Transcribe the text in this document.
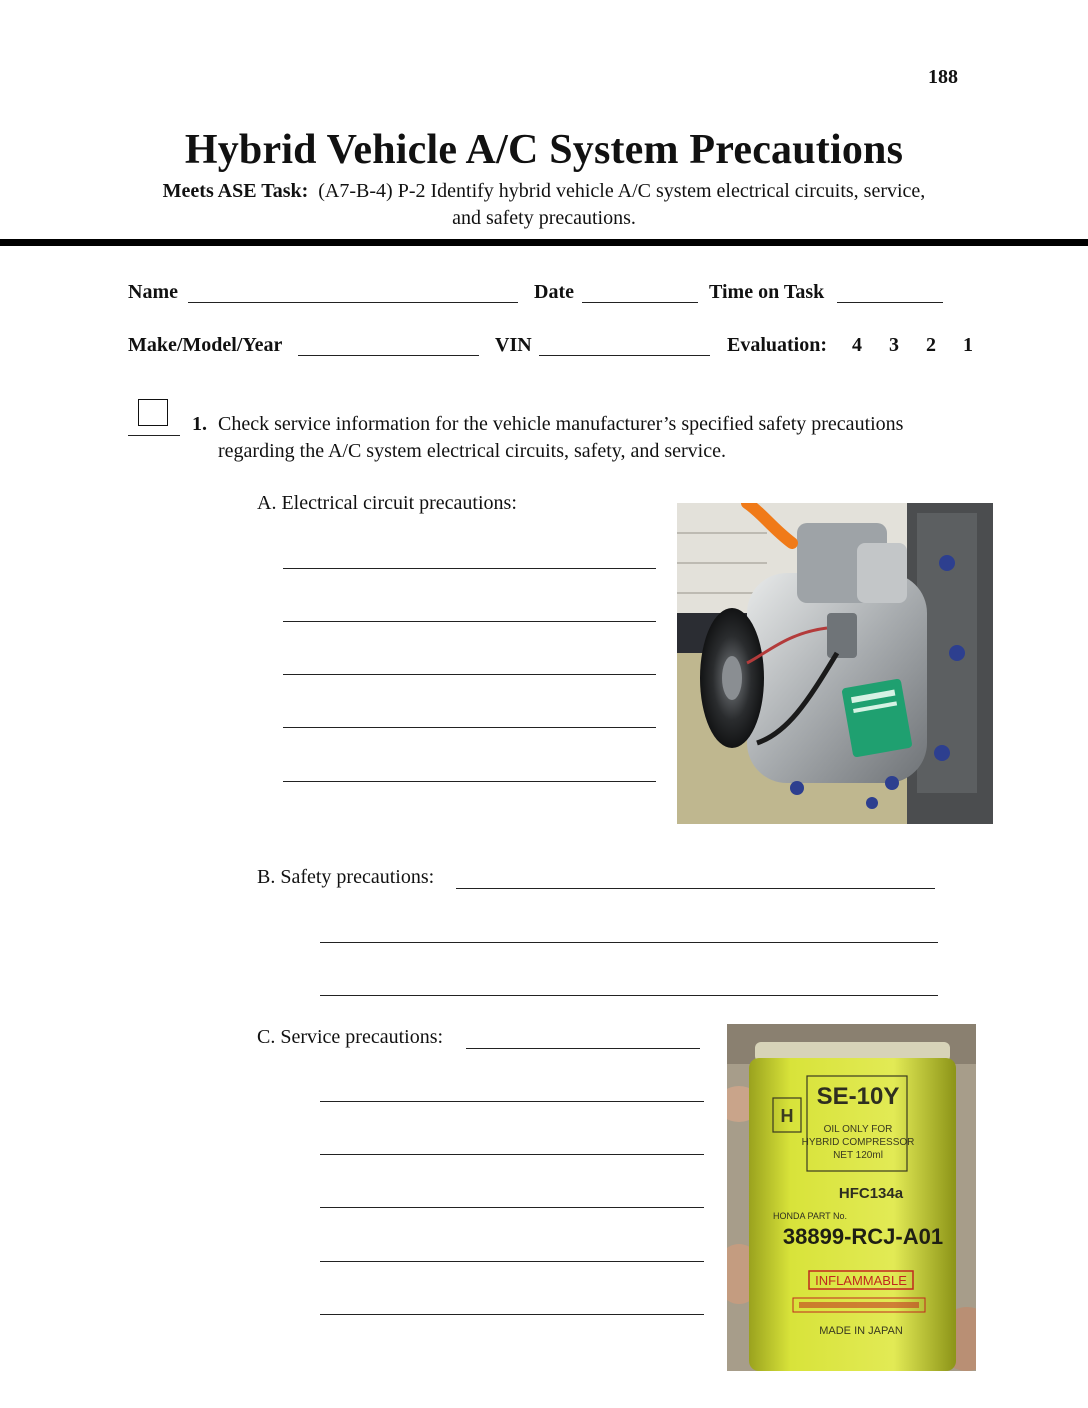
188
Hybrid Vehicle A/C System Precautions
Meets ASE Task: (A7-B-4) P-2 Identify hybrid vehicle A/C system electrical circuits, service,
and safety precautions.
Name	Date	Time on Task
Make/Model/Year	VIN	Evaluation: 4 3 2 1
1. Check service information for the vehicle manufacturer’s specified safety precautions
regarding the A/C system electrical circuits, safety, and service.
A. Electrical circuit precautions:
B. Safety precautions:
C. Service precautions:
H
SE-10Y
OIL ONLY FOR
HYBRID COMPRESSOR
NET 120ml
HFC134a
HONDA PART No.
38899-RCJ-A01
INFLAMMABLE
MADE IN JAPAN
